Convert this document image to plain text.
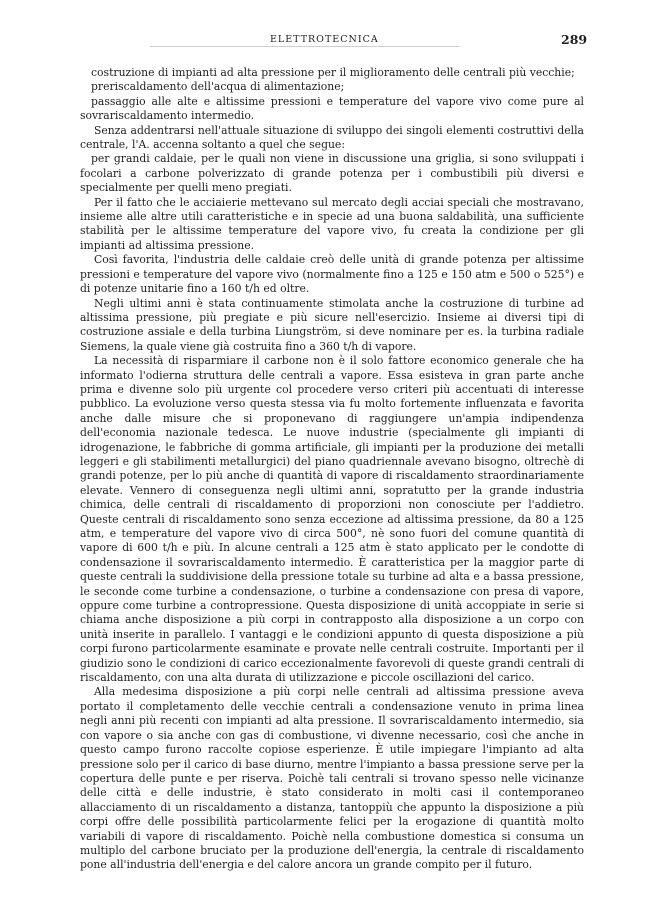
ELETTROTECNICA	289

costruzione di impianti ad alta pressione per il miglioramento delle centrali più vecchie;

preriscaldamento dell'acqua di alimentazione;

passaggio alle alte e altissime pressioni e temperature del vapore vivo come pure al sovrariscaldamento intermedio.

Senza addentrarsi nell'attuale situazione di sviluppo dei singoli elementi costruttivi della centrale, l'A. accenna soltanto a quel che segue:

per grandi caldaie, per le quali non viene in discussione una griglia, si sono sviluppati i focolari a carbone polverizzato di grande potenza per i combustibili più diversi e specialmente per quelli meno pregiati.

Per il fatto che le acciaierie mettevano sul mercato degli acciai speciali che mostravano, insieme alle altre utili caratteristiche e in specie ad una buona saldabilità, una sufficiente stabilità per le altissime temperature del vapore vivo, fu creata la condizione per gli impianti ad altissima pressione.

Così favorita, l'industria delle caldaie creò delle unità di grande potenza per altissime pressioni e temperature del vapore vivo (normalmente fino a 125 e 150 atm e 500 o 525°) e di potenze unitarie fino a 160 t/h ed oltre.

Negli ultimi anni è stata continuamente stimolata anche la costruzione di turbine ad altissima pressione, più pregiate e più sicure nell'esercizio. Insieme ai diversi tipi di costruzione assiale e della turbina Liungström, si deve nominare per es. la turbina radiale Siemens, la quale viene già costruita fino a 360 t/h di vapore.

La necessità di risparmiare il carbone non è il solo fattore economico generale che ha informato l'odierna struttura delle centrali a vapore. Essa esisteva in gran parte anche prima e divenne solo più urgente col procedere verso criteri più accentuati di interesse pubblico. La evoluzione verso questa stessa via fu molto fortemente influenzata e favorita anche dalle misure che si proponevano di raggiungere un'ampia indipendenza dell'economia nazionale tedesca. Le nuove industrie (specialmente gli impianti di idrogenazione, le fabbriche di gomma artificiale, gli impianti per la produzione dei metalli leggeri e gli stabilimenti metallurgici) del piano quadriennale avevano bisogno, oltrechè di grandi potenze, per lo più anche di quantità di vapore di riscaldamento straordinariamente elevate. Vennero di conseguenza negli ultimi anni, sopratutto per la grande industria chimica, delle centrali di riscaldamento di proporzioni non conosciute per l'addietro. Queste centrali di riscaldamento sono senza eccezione ad altissima pressione, da 80 a 125 atm, e temperature del vapore vivo di circa 500°, nè sono fuori del comune quantità di vapore di 600 t/h e più. In alcune centrali a 125 atm è stato applicato per le condotte di condensazione il sovrariscaldamento intermedio. È caratteristica per la maggior parte di queste centrali la suddivisione della pressione totale su turbine ad alta e a bassa pressione, le seconde come turbine a condensazione, o turbine a condensazione con presa di vapore, oppure come turbine a contropressione. Questa disposizione di unità accoppiate in serie si chiama anche disposizione a più corpi in contrapposto alla disposizione a un corpo con unità inserite in parallelo. I vantaggi e le condizioni appunto di questa disposizione a più corpi furono particolarmente esaminate e provate nelle centrali costruite. Importanti per il giudizio sono le condizioni di carico eccezionalmente favorevoli di queste grandi centrali di riscaldamento, con una alta durata di utilizzazione e piccole oscillazioni del carico.

Alla medesima disposizione a più corpi nelle centrali ad altissima pressione aveva portato il completamento delle vecchie centrali a condensazione venuto in prima linea negli anni più recenti con impianti ad alta pressione. Il sovrariscaldamento intermedio, sia con vapore o sia anche con gas di combustione, vi divenne necessario, così che anche in questo campo furono raccolte copiose esperienze. È utile impiegare l'impianto ad alta pressione solo per il carico di base diurno, mentre l'impianto a bassa pressione serve per la copertura delle punte e per riserva. Poichè tali centrali si trovano spesso nelle vicinanze delle città e delle industrie, è stato considerato in molti casi il contemporaneo allacciamento di un riscaldamento a distanza, tantoppiù che appunto la disposizione a più corpi offre delle possibilità particolarmente felici per la erogazione di quantità molto variabili di vapore di riscaldamento. Poichè nella combustione domestica si consuma un multiplo del carbone bruciato per la produzione dell'energia, la centrale di riscaldamento pone all'industria dell'energia e del calore ancora un grande compito per il futuro.
